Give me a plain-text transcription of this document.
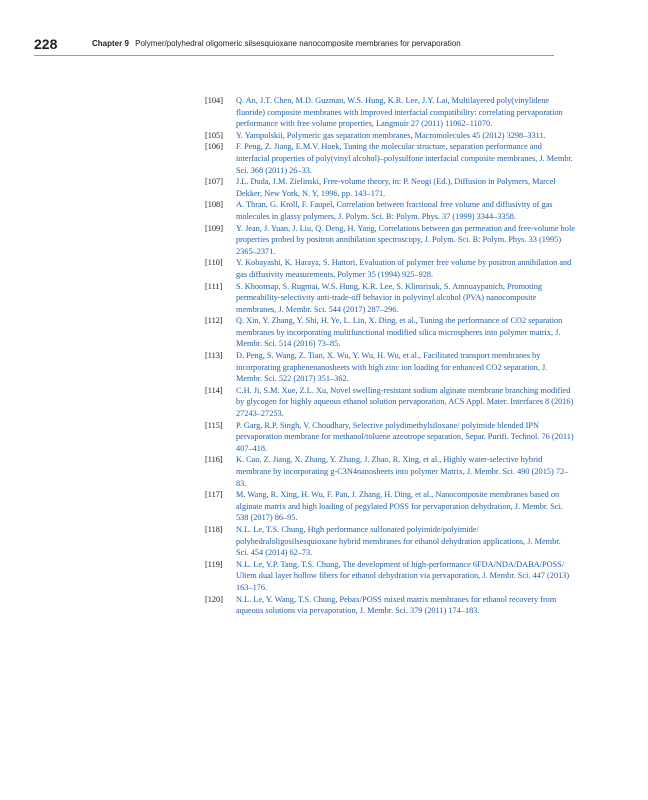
228	Chapter 9 Polymer/polyhedral oligomeric silsesquioxane nanocomposite membranes for pervaporation
[104]	Q. An, J.T. Chen, M.D. Guzman, W.S. Hung, K.R. Lee, J.Y. Lai, Multilayered poly(vinylidene fluoride) composite membranes with improved interfacial compatibility: correlating pervaporation performance with free volume properties, Langmuir 27 (2011) 11062–11070.
[105]	Y. Yampolskii, Polymeric gas separation membranes, Macromolecules 45 (2012) 3298–3311.
[106]	F. Peng, Z. Jiang, E.M.V. Hoek, Tuning the molecular structure, separation performance and interfacial properties of poly(vinyl alcohol)–polysulfone interfacial composite membranes, J. Membr. Sci. 368 (2011) 26–33.
[107]	J.L. Duda, J.M. Zielinski, Free-volume theory, in: P. Neogi (Ed.), Diffusion in Polymers, Marcel Dekker, New York, N. Y, 1996, pp. 143–171.
[108]	A. Thran, G. Kroll, F. Faupel, Correlation between fractional free volume and diffusivity of gas molecules in glassy polymers, J. Polym. Sci. B: Polym. Phys. 37 (1999) 3344–3358.
[109]	Y. Jean, J. Yuan, J. Liu, Q. Deng, H. Yang, Correlations between gas permeation and free-volume hole properties probed by positron annihilation spectroscopy, J. Polym. Sci. B: Polym. Phys. 33 (1995) 2365–2371.
[110]	Y. Kobayashi, K. Haraya, S. Hattori, Evaluation of polymer free volume by positron annihilation and gas diffusivity measurements, Polymer 35 (1994) 925–928.
[111]	S. Khoonsap, S. Rugmai, W.S. Hung, K.R. Lee, S. Klinsrisuk, S. Amnuaypanich, Promoting permeability-selectivity anti-trade-off behavior in polyvinyl alcohol (PVA) nanocomposite membranes, J. Membr. Sci. 544 (2017) 287–296.
[112]	Q. Xin, Y. Zhang, Y. Shi, H. Ye, L. Lin, X. Ding, et al., Tuning the performance of CO2 separation membranes by incorporating multifunctional modified silica microspheres into polymer matrix, J. Membr. Sci. 514 (2016) 73–85.
[113]	D. Peng, S. Wang, Z. Tian, X. Wu, Y. Wu, H. Wu, et al., Facilitated transport membranes by incorporating graphenenanosheets with high zinc ion loading for enhanced CO2 separation, J. Membr. Sci. 522 (2017) 351–362.
[114]	C.H. Ji, S.M. Xue, Z.L. Xu, Novel swelling-resistant sodium alginate membrane branching modified by glycogen for highly aqueous ethanol solution pervaporation, ACS Appl. Mater. Interfaces 8 (2016) 27243–27253.
[115]	P. Garg, R.P. Singh, V. Choudhary, Selective polydimethylsiloxane/ polyimide blended IPN pervaporation membrane for methanol/toluene azeotrope separation, Separ. Purifi. Technol. 76 (2011) 407–418.
[116]	K. Cao, Z. Jiang, X. Zhang, Y. Zhang, J. Zhao, R. Xing, et al., Highly water-selective hybrid membrane by incorporating g-C3N4nanosheets into polymer Matrix, J. Membr. Sci. 490 (2015) 72–83.
[117]	M. Wang, R. Xing, H. Wu, F. Pan, J. Zhang, H. Ding, et al., Nanocomposite membranes based on alginate matrix and high loading of pegylated POSS for pervaporation dehydration, J. Membr. Sci. 538 (2017) 86–95.
[118]	N.L. Le, T.S. Chung, High performance sulfonated polyimide/polyimide/ polyhedraloligosilsesquioxane hybrid membranes for ethanol dehydration applications, J. Membr. Sci. 454 (2014) 62–73.
[119]	N.L. Le, Y.P. Tang, T.S. Chung, The development of high-performance 6FDA/NDA/DABA/POSS/ Ultem dual layer hollow fibers for ethanol dehydration via pervaporation, J. Membr. Sci. 447 (2013) 163–176.
[120]	N.L. Le, Y. Wang, T.S. Chung, Pebax/POSS mixed matrix membranes for ethanol recovery from aqueous solutions via pervaporation, J. Membr. Sci. 379 (2011) 174–183.
